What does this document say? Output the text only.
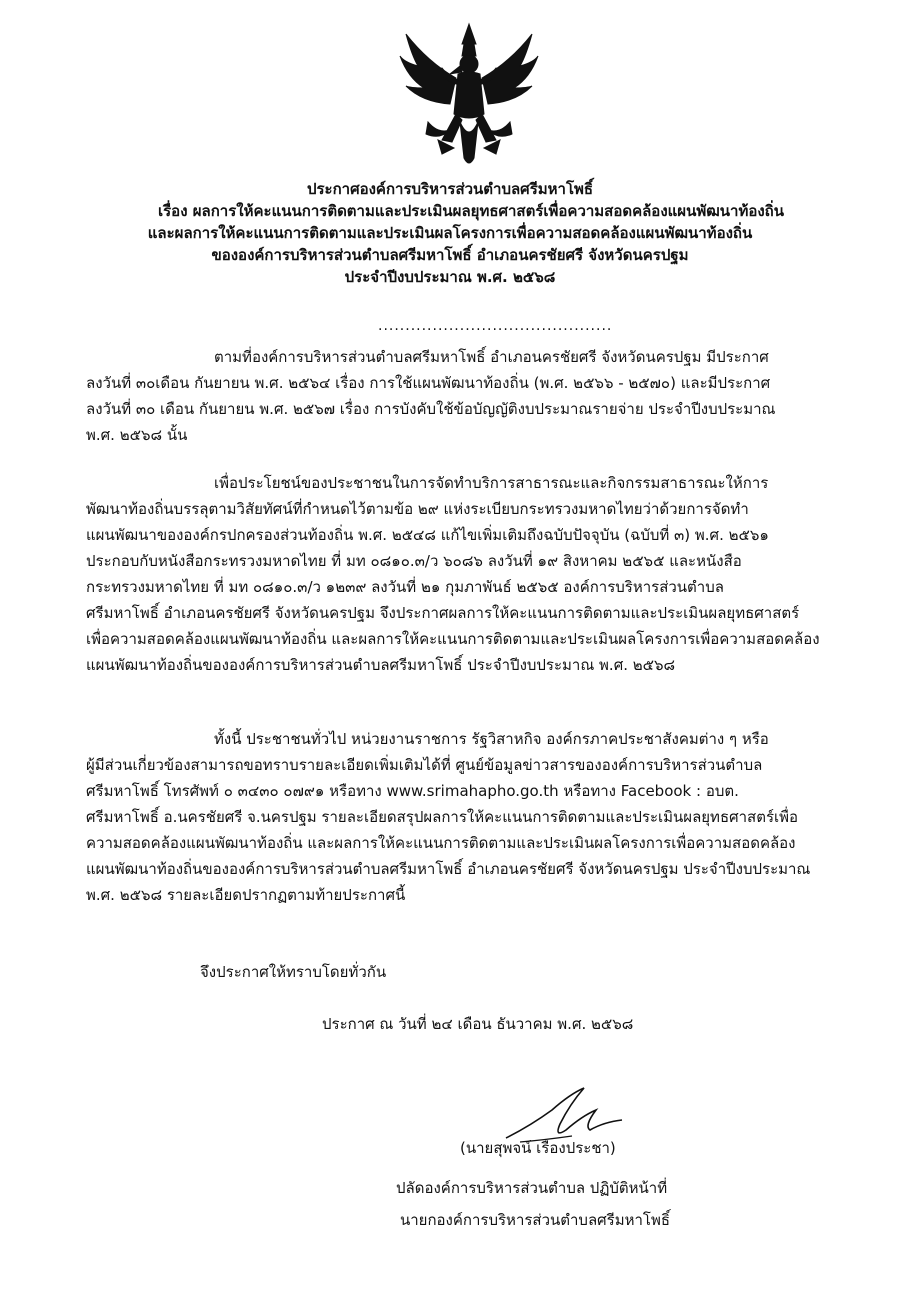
ประกาศองค์การบริหารส่วนตำบลศรีมหาโพธิ์
เรื่อง ผลการให้คะแนนการติดตามและประเมินผลยุทธศาสตร์เพื่อความสอดคล้องแผนพัฒนาท้องถิ่น
และผลการให้คะแนนการติดตามและประเมินผลโครงการเพื่อความสอดคล้องแผนพัฒนาท้องถิ่น
ขององค์การบริหารส่วนตำบลศรีมหาโพธิ์ อำเภอนครชัยศรี จังหวัดนครปฐม
ประจำปีงบประมาณ พ.ศ. ๒๕๖๘
...........................................
ตามที่องค์การบริหารส่วนตำบลศรีมหาโพธิ์ อำเภอนครชัยศรี จังหวัดนครปฐม มีประกาศ
ลงวันที่ ๓๐เดือน กันยายน พ.ศ. ๒๕๖๔ เรื่อง การใช้แผนพัฒนาท้องถิ่น (พ.ศ. ๒๕๖๖ - ๒๕๗๐) และมีประกาศ
ลงวันที่ ๓๐ เดือน กันยายน พ.ศ. ๒๕๖๗ เรื่อง การบังคับใช้ข้อบัญญัติงบประมาณรายจ่าย ประจำปีงบประมาณ
พ.ศ. ๒๕๖๘ นั้น
เพื่อประโยชน์ของประชาชนในการจัดทำบริการสาธารณะและกิจกรรมสาธารณะให้การ
พัฒนาท้องถิ่นบรรลุตามวิสัยทัศน์ที่กำหนดไว้ตามข้อ ๒๙ แห่งระเบียบกระทรวงมหาดไทยว่าด้วยการจัดทำ
แผนพัฒนาขององค์กรปกครองส่วนท้องถิ่น พ.ศ. ๒๕๔๘ แก้ไขเพิ่มเติมถึงฉบับปัจจุบัน (ฉบับที่ ๓) พ.ศ. ๒๕๖๑
ประกอบกับหนังสือกระทรวงมหาดไทย ที่ มท ๐๘๑๐.๓/ว ๖๐๘๖ ลงวันที่ ๑๙ สิงหาคม ๒๕๖๕ และหนังสือ
กระทรวงมหาดไทย ที่ มท ๐๘๑๐.๓/ว ๑๒๓๙ ลงวันที่ ๒๑ กุมภาพันธ์ ๒๕๖๕ องค์การบริหารส่วนตำบล
ศรีมหาโพธิ์ อำเภอนครชัยศรี จังหวัดนครปฐม จึงประกาศผลการให้คะแนนการติดตามและประเมินผลยุทธศาสตร์
เพื่อความสอดคล้องแผนพัฒนาท้องถิ่น และผลการให้คะแนนการติดตามและประเมินผลโครงการเพื่อความสอดคล้อง
แผนพัฒนาท้องถิ่นขององค์การบริหารส่วนตำบลศรีมหาโพธิ์ ประจำปีงบประมาณ พ.ศ. ๒๕๖๘
ทั้งนี้ ประชาชนทั่วไป หน่วยงานราชการ รัฐวิสาหกิจ องค์กรภาคประชาสังคมต่าง ๆ หรือ
ผู้มีส่วนเกี่ยวข้องสามารถขอทราบรายละเอียดเพิ่มเติมได้ที่ ศูนย์ข้อมูลข่าวสารขององค์การบริหารส่วนตำบล
ศรีมหาโพธิ์ โทรศัพท์ ๐ ๓๔๓๐ ๐๗๙๑ หรือทาง www.srimahapho.go.th หรือทาง Facebook : อบต.
ศรีมหาโพธิ์ อ.นครชัยศรี จ.นครปฐม รายละเอียดสรุปผลการให้คะแนนการติดตามและประเมินผลยุทธศาสตร์เพื่อ
ความสอดคล้องแผนพัฒนาท้องถิ่น และผลการให้คะแนนการติดตามและประเมินผลโครงการเพื่อความสอดคล้อง
แผนพัฒนาท้องถิ่นขององค์การบริหารส่วนตำบลศรีมหาโพธิ์ อำเภอนครชัยศรี จังหวัดนครปฐม ประจำปีงบประมาณ
พ.ศ. ๒๕๖๘ รายละเอียดปรากฏตามท้ายประกาศนี้
จึงประกาศให้ทราบโดยทั่วกัน
ประกาศ ณ วันที่ ๒๔ เดือน ธันวาคม พ.ศ. ๒๕๖๘
(นายสุพจน์ เรืองประชา)
ปลัดองค์การบริหารส่วนตำบล ปฏิบัติหน้าที่
นายกองค์การบริหารส่วนตำบลศรีมหาโพธิ์
